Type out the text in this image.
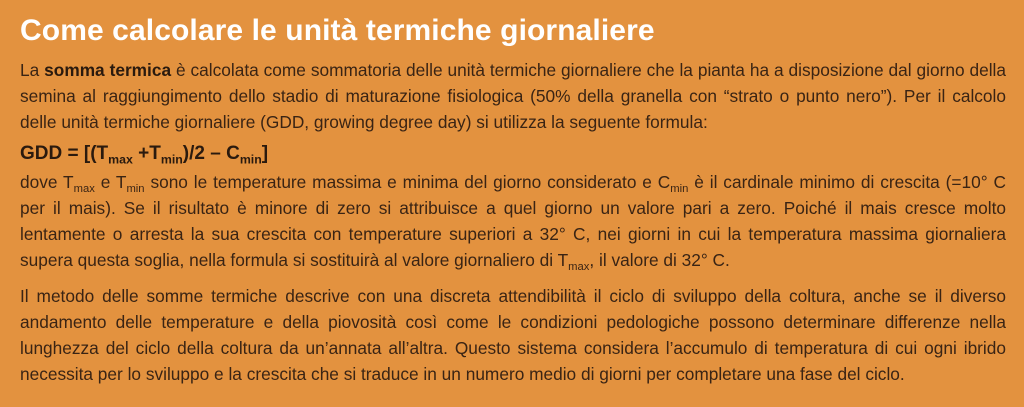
Come calcolare le unità termiche giornaliere

La somma termica è calcolata come sommatoria delle unità termiche giornaliere che la pianta ha a disposizione dal giorno della semina al raggiungimento dello stadio di maturazione fisiologica (50% della granella con “strato o punto nero”). Per il calcolo delle unità termiche giornaliere (GDD, growing degree day) si utilizza la seguente formula:

GDD = $[(T_{max} +T_{min})/2 - C_{min}]$

dove $T_{max}$ e $T_{min}$ sono le temperature massima e minima del giorno considerato e $C_{min}$ è il cardinale minimo di crescita (=10° C per il mais). Se il risultato è minore di zero si attribuisce a quel giorno un valore pari a zero. Poiché il mais cresce molto lentamente o arresta la sua crescita con temperature superiori a 32° C, nei giorni in cui la temperatura massima giornaliera supera questa soglia, nella formula si sostituirà al valore giornaliero di $T_{max}$, il valore di 32° C.

Il metodo delle somme termiche descrive con una discreta attendibilità il ciclo di sviluppo della coltura, anche se il diverso andamento delle temperature e della piovosità così come le condizioni pedologiche possono determinare differenze nella lunghezza del ciclo della coltura da un’annata all’altra. Questo sistema considera l’accumulo di temperatura di cui ogni ibrido necessita per lo sviluppo e la crescita che si traduce in un numero medio di giorni per completare una fase del ciclo.
